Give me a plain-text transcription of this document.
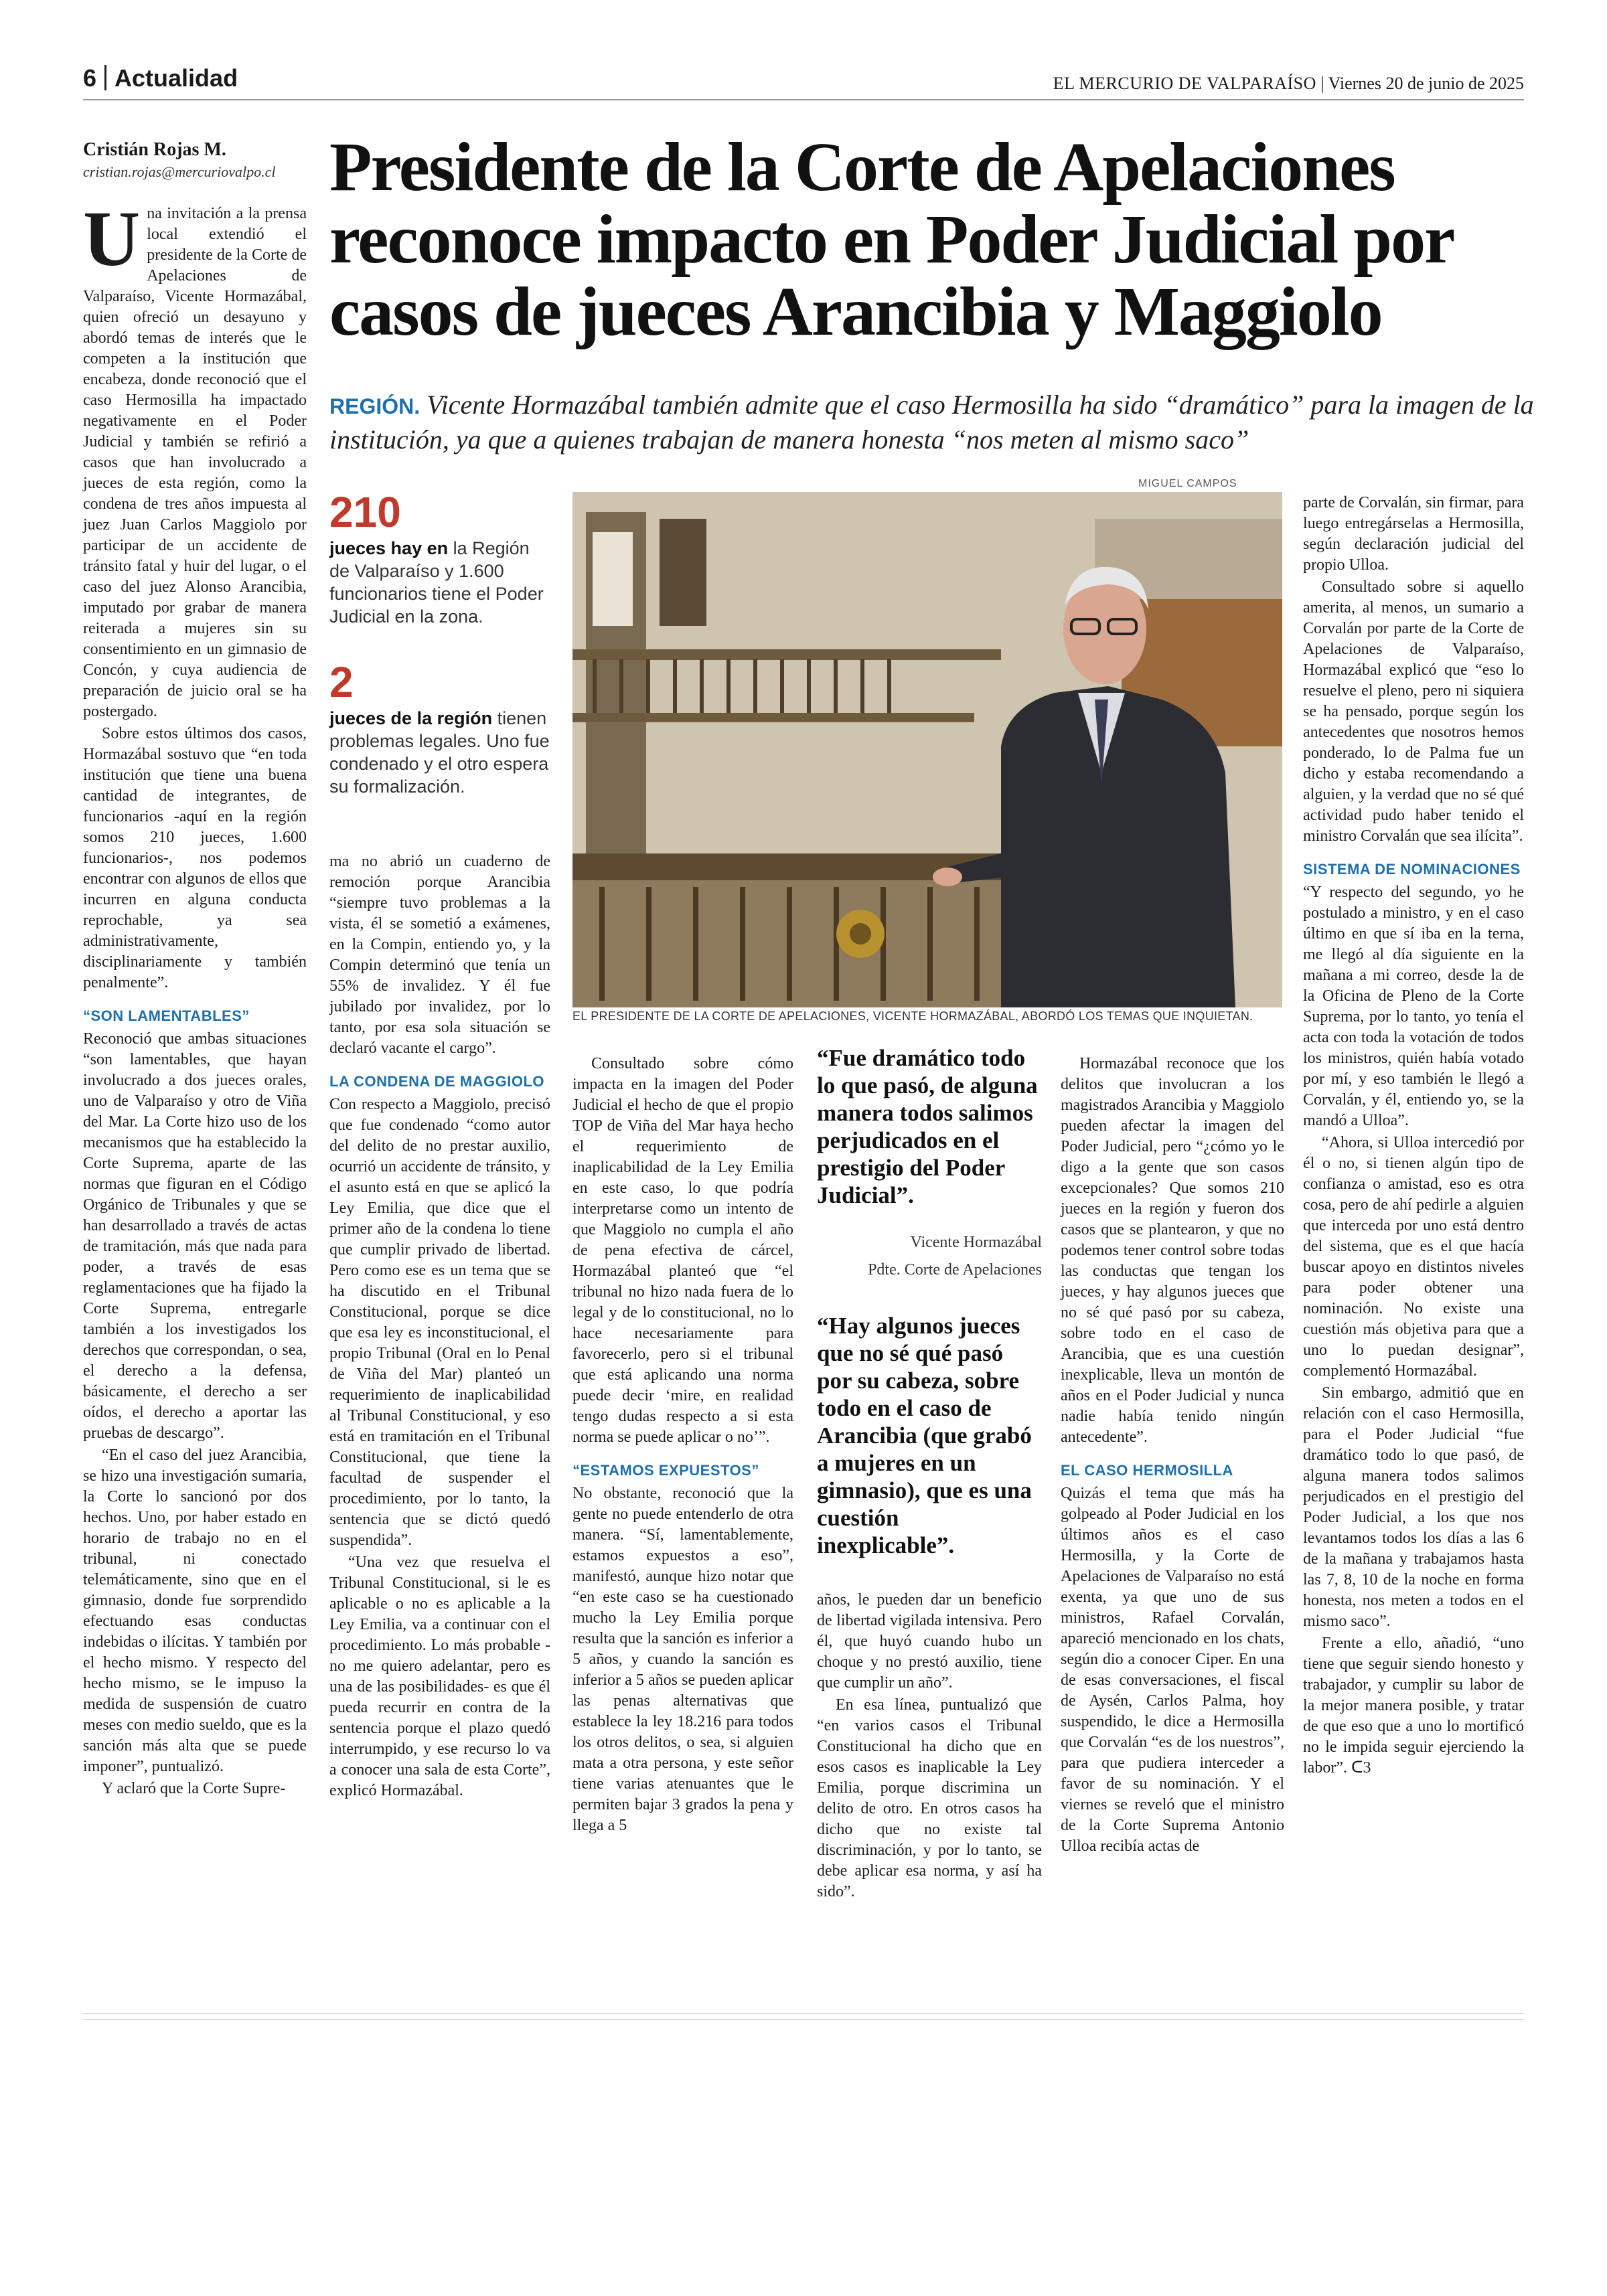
6 Actualidad	EL MERCURIO DE VALPARAÍSO | Viernes 20 de junio de 2025
Cristián Rojas M.
cristian.rojas@mercuriovalpo.cl Presidente de la Corte de Apelaciones reconoce impacto en Poder Judicial por casos de jueces Arancibia y Maggiolo
REGIÓN. Vicente Hormazábal también admite que el caso Hermosilla ha sido “dramático” para la imagen de la institución, ya que a quienes trabajan de manera honesta “nos meten al mismo saco”

Una invitación a la prensa local extendió el presidente de la Corte de Apelaciones de Valparaíso, Vicente Hormazábal, quien ofreció un desayuno y abordó temas de interés que le competen a la institución que encabeza, donde reconoció que el caso Hermosilla ha impactado negativamente en el Poder Judicial y también se refirió a casos que han involucrado a jueces de esta región, como la condena de tres años impuesta al juez Juan Carlos Maggiolo por participar de un accidente de tránsito fatal y huir del lugar, o el caso del juez Alonso Arancibia, imputado por grabar de manera reiterada a mujeres sin su consentimiento en un gimnasio de Concón, y cuya audiencia de preparación de juicio oral se ha postergado.

Sobre estos últimos dos casos, Hormazábal sostuvo que “en toda institución que tiene una buena cantidad de integrantes, de funcionarios -aquí en la región somos 210 jueces, 1.600 funcionarios-, nos podemos encontrar con algunos de ellos que incurren en alguna conducta reprochable, ya sea administrativamente, disciplinariamente y también penalmente”.

“SON LAMENTABLES”

Reconoció que ambas situaciones “son lamentables, que hayan involucrado a dos jueces orales, uno de Valparaíso y otro de Viña del Mar. La Corte hizo uso de los mecanismos que ha establecido la Corte Suprema, aparte de las normas que figuran en el Código Orgánico de Tribunales y que se han desarrollado a través de actas de tramitación, más que nada para poder, a través de esas reglamentaciones que ha fijado la Corte Suprema, entregarle también a los investigados los derechos que correspondan, o sea, el derecho a la defensa, básicamente, el derecho a ser oídos, el derecho a aportar las pruebas de descargo”.

“En el caso del juez Arancibia, se hizo una investigación sumaria, la Corte lo sancionó por dos hechos. Uno, por haber estado en horario de trabajo no en el tribunal, ni conectado telemáticamente, sino que en el gimnasio, donde fue sorprendido efectuando esas conductas indebidas o ilícitas. Y también por el hecho mismo. Y respecto del hecho mismo, se le impuso la medida de suspensión de cuatro meses con medio sueldo, que es la sanción más alta que se puede imponer”, puntualizó.

Y aclaró que la Corte Supre-

210
jueces hay en la Región de Valparaíso y 1.600 funcionarios tiene el Poder Judicial en la zona.
2
jueces de la región tienen problemas legales. Uno fue condenado y el otro espera su formalización.
MIGUEL CAMPOS
EL PRESIDENTE DE LA CORTE DE APELACIONES, VICENTE HORMAZÁBAL, ABORDÓ LOS TEMAS QUE INQUIETAN.

ma no abrió un cuaderno de remoción porque Arancibia “siempre tuvo problemas a la vista, él se sometió a exámenes, en la Compin, entiendo yo, y la Compin determinó que tenía un 55% de invalidez. Y él fue jubilado por invalidez, por lo tanto, por esa sola situación se declaró vacante el cargo”.

LA CONDENA DE MAGGIOLO

Con respecto a Maggiolo, precisó que fue condenado “como autor del delito de no prestar auxilio, ocurrió un accidente de tránsito, y el asunto está en que se aplicó la Ley Emilia, que dice que el primer año de la condena lo tiene que cumplir privado de libertad. Pero como ese es un tema que se ha discutido en el Tribunal Constitucional, porque se dice que esa ley es inconstitucional, el propio Tribunal (Oral en lo Penal de Viña del Mar) planteó un requerimiento de inaplicabilidad al Tribunal Constitucional, y eso está en tramitación en el Tribunal Constitucional, que tiene la facultad de suspender el procedimiento, por lo tanto, la sentencia que se dictó quedó suspendida”.

“Una vez que resuelva el Tribunal Constitucional, si le es aplicable o no es aplicable a la Ley Emilia, va a continuar con el procedimiento. Lo más probable -no me quiero adelantar, pero es una de las posibilidades- es que él pueda recurrir en contra de la sentencia porque el plazo quedó interrumpido, y ese recurso lo va a conocer una sala de esta Corte”, explicó Hormazábal.

Consultado sobre cómo impacta en la imagen del Poder Judicial el hecho de que el propio TOP de Viña del Mar haya hecho el requerimiento de inaplicabilidad de la Ley Emilia en este caso, lo que podría interpretarse como un intento de que Maggiolo no cumpla el año de pena efectiva de cárcel, Hormazábal planteó que “el tribunal no hizo nada fuera de lo legal y de lo constitucional, no lo hace necesariamente para favorecerlo, pero si el tribunal que está aplicando una norma puede decir ‘mire, en realidad tengo dudas respecto a si esta norma se puede aplicar o no’”.

“ESTAMOS EXPUESTOS”

No obstante, reconoció que la gente no puede entenderlo de otra manera. “Sí, lamentablemente, estamos expuestos a eso”, manifestó, aunque hizo notar que “en este caso se ha cuestionado mucho la Ley Emilia porque resulta que la sanción es inferior a 5 años, y cuando la sanción es inferior a 5 años se pueden aplicar las penas alternativas que establece la ley 18.216 para todos los otros delitos, o sea, si alguien mata a otra persona, y este señor tiene varias atenuantes que le permiten bajar 3 grados la pena y llega a 5

“Fue dramático todo lo que pasó, de alguna manera todos salimos perjudicados en el prestigio del Poder Judicial”.
Vicente Hormazábal
Pdte. Corte de Apelaciones
“Hay algunos jueces que no sé qué pasó por su cabeza, sobre todo en el caso de Arancibia (que grabó a mujeres en un gimnasio), que es una cuestión inexplicable”.

años, le pueden dar un beneficio de libertad vigilada intensiva. Pero él, que huyó cuando hubo un choque y no prestó auxilio, tiene que cumplir un año”.

En esa línea, puntualizó que “en varios casos el Tribunal Constitucional ha dicho que en esos casos es inaplicable la Ley Emilia, porque discrimina un delito de otro. En otros casos ha dicho que no existe tal discriminación, y por lo tanto, se debe aplicar esa norma, y así ha sido”.

Hormazábal reconoce que los delitos que involucran a los magistrados Arancibia y Maggiolo pueden afectar la imagen del Poder Judicial, pero “¿cómo yo le digo a la gente que son casos excepcionales? Que somos 210 jueces en la región y fueron dos casos que se plantearon, y que no podemos tener control sobre todas las conductas que tengan los jueces, y hay algunos jueces que no sé qué pasó por su cabeza, sobre todo en el caso de Arancibia, que es una cuestión inexplicable, lleva un montón de años en el Poder Judicial y nunca nadie había tenido ningún antecedente”.

EL CASO HERMOSILLA

Quizás el tema que más ha golpeado al Poder Judicial en los últimos años es el caso Hermosilla, y la Corte de Apelaciones de Valparaíso no está exenta, ya que uno de sus ministros, Rafael Corvalán, apareció mencionado en los chats, según dio a conocer Ciper. En una de esas conversaciones, el fiscal de Aysén, Carlos Palma, hoy suspendido, le dice a Hermosilla que Corvalán “es de los nuestros”, para que pudiera interceder a favor de su nominación. Y el viernes se reveló que el ministro de la Corte Suprema Antonio Ulloa recibía actas de

parte de Corvalán, sin firmar, para luego entregárselas a Hermosilla, según declaración judicial del propio Ulloa.

Consultado sobre si aquello amerita, al menos, un sumario a Corvalán por parte de la Corte de Apelaciones de Valparaíso, Hormazábal explicó que “eso lo resuelve el pleno, pero ni siquiera se ha pensado, porque según los antecedentes que nosotros hemos ponderado, lo de Palma fue un dicho y estaba recomendando a alguien, y la verdad que no sé qué actividad pudo haber tenido el ministro Corvalán que sea ilícita”.

SISTEMA DE NOMINACIONES

“Y respecto del segundo, yo he postulado a ministro, y en el caso último en que sí iba en la terna, me llegó al día siguiente en la mañana a mi correo, desde la de la Oficina de Pleno de la Corte Suprema, por lo tanto, yo tenía el acta con toda la votación de todos los ministros, quién había votado por mí, y eso también le llegó a Corvalán, y él, entiendo yo, se la mandó a Ulloa”.

“Ahora, si Ulloa intercedió por él o no, si tienen algún tipo de confianza o amistad, eso es otra cosa, pero de ahí pedirle a alguien que interceda por uno está dentro del sistema, que es el que hacía buscar apoyo en distintos niveles para poder obtener una nominación. No existe una cuestión más objetiva para que a uno lo puedan designar”, complementó Hormazábal.

Sin embargo, admitió que en relación con el caso Hermosilla, para el Poder Judicial “fue dramático todo lo que pasó, de alguna manera todos salimos perjudicados en el prestigio del Poder Judicial, a los que nos levantamos todos los días a las 6 de la mañana y trabajamos hasta las 7, 8, 10 de la noche en forma honesta, nos meten a todos en el mismo saco”.

Frente a ello, añadió, “uno tiene que seguir siendo honesto y trabajador, y cumplir su labor de la mejor manera posible, y tratar de que eso que a uno lo mortificó no le impida seguir ejerciendo la labor”. ᑕ3
